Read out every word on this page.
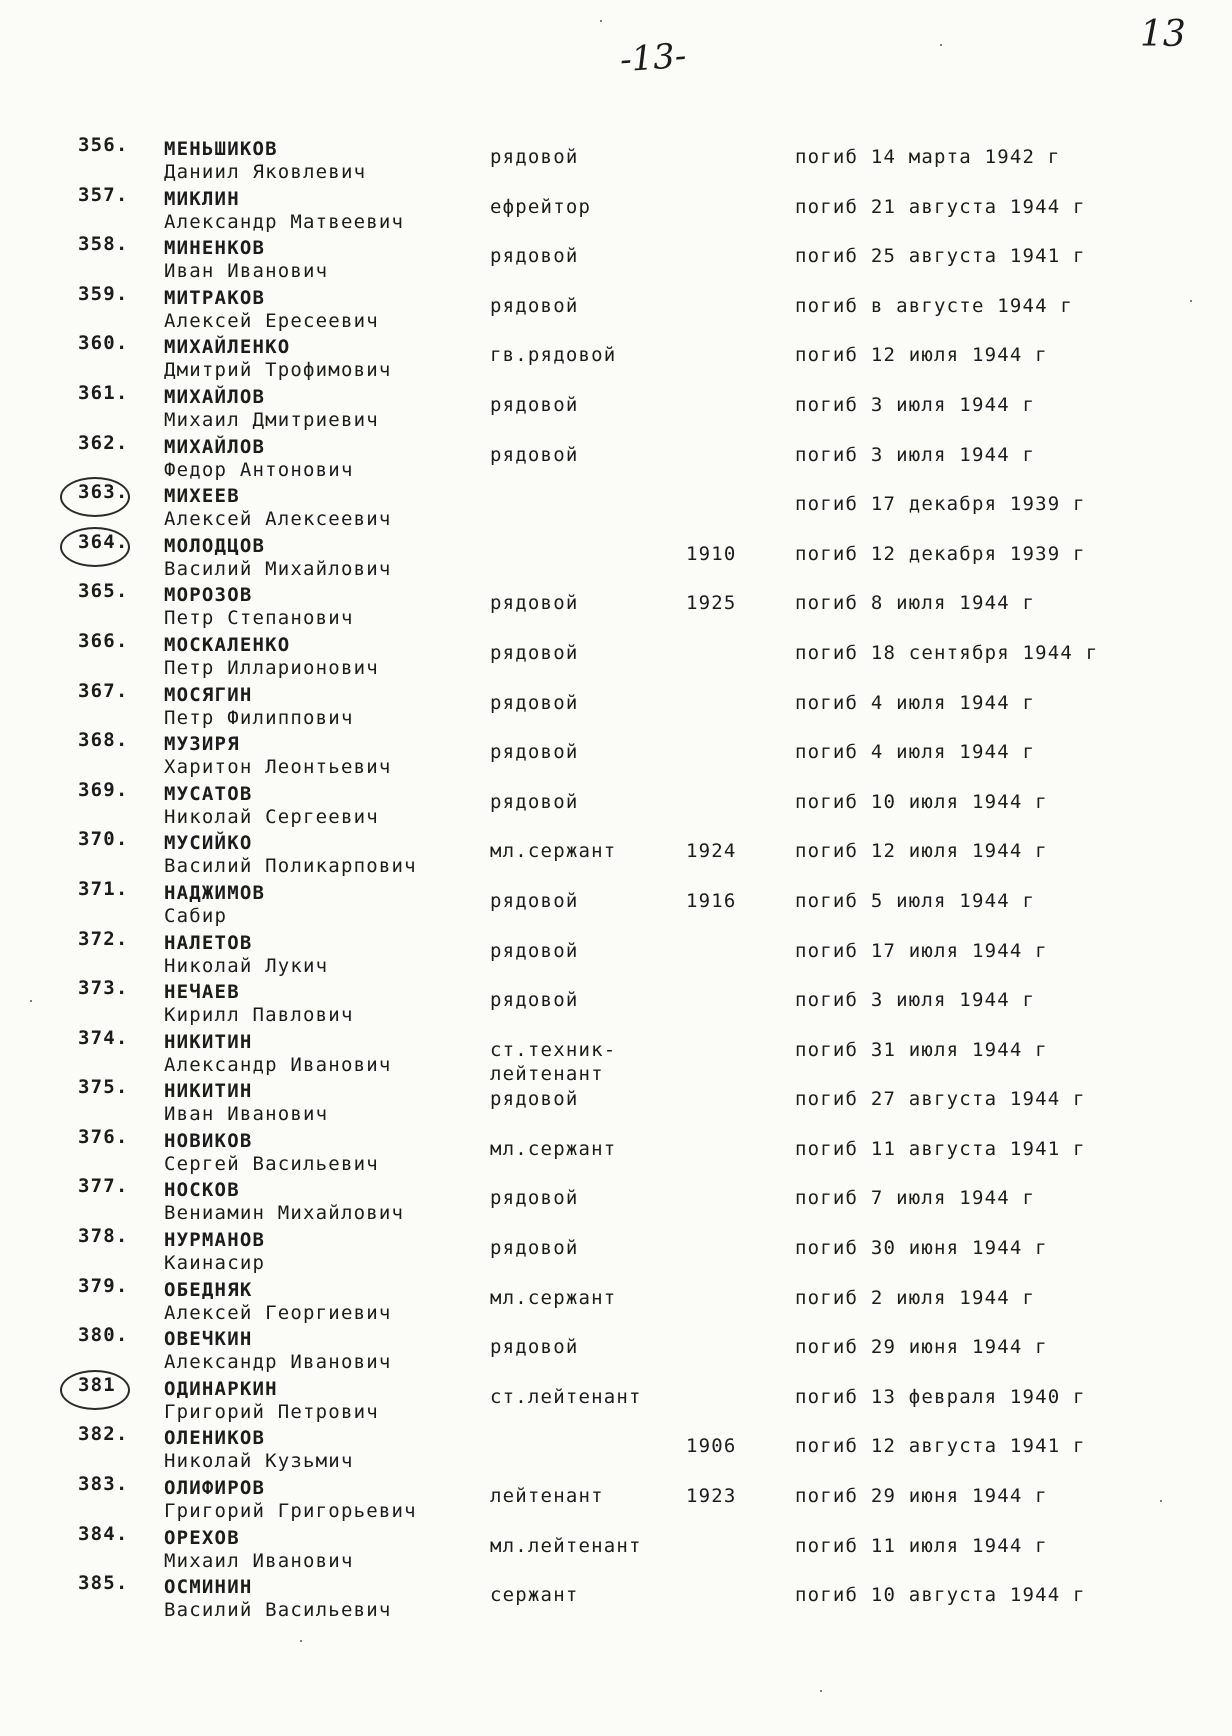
-13-
13
356. МЕНЬШИКОВ
Даниил Яковлевич
рядовой	погиб 14 марта 1942 г
357. МИКЛИН
Александр Матвеевич
ефрейтор	погиб 21 августа 1944 г
358. МИНЕНКОВ
Иван Иванович
рядовой	погиб 25 августа 1941 г
359. МИТРАКОВ
Алексей Ересеевич
рядовой	погиб в августе 1944 г
360. МИХАЙЛЕНКО
Дмитрий Трофимович
гв.рядовой	погиб 12 июля 1944 г
361. МИХАЙЛОВ
Михаил Дмитриевич
рядовой	погиб 3 июля 1944 г
362. МИХАЙЛОВ
Федор Антонович
рядовой	погиб 3 июля 1944 г
363. МИХЕЕВ
Алексей Алексеевич
погиб 17 декабря 1939 г
364. МОЛОДЦОВ
Василий Михайлович
1910	погиб 12 декабря 1939 г
365. МОРОЗОВ
Петр Степанович
рядовой	1925	погиб 8 июля 1944 г
366. МОСКАЛЕНКО
Петр Илларионович
рядовой	погиб 18 сентября 1944 г
367. МОСЯГИН
Петр Филиппович
рядовой	погиб 4 июля 1944 г
368. МУЗИРЯ
Харитон Леонтьевич
рядовой	погиб 4 июля 1944 г
369. МУСАТОВ
Николай Сергеевич
рядовой	погиб 10 июля 1944 г
370. МУСИЙКО
Василий Поликарпович
мл.сержант	1924	погиб 12 июля 1944 г
371. НАДЖИМОВ
Сабир
рядовой	1916	погиб 5 июля 1944 г
372. НАЛЕТОВ
Николай Лукич
рядовой	погиб 17 июля 1944 г
373. НЕЧАЕВ
Кирилл Павлович
рядовой	погиб 3 июля 1944 г
374. НИКИТИН
Александр Иванович
ст.техник-	погиб 31 июля 1944 г
лейтенант
375. НИКИТИН
Иван Иванович
рядовой	погиб 27 августа 1944 г
376. НОВИКОВ
Сергей Васильевич
мл.сержант	погиб 11 августа 1941 г
377. НОСКОВ
Вениамин Михайлович
рядовой	погиб 7 июля 1944 г
378. НУРМАНОВ
Каинасир
рядовой	погиб 30 июня 1944 г
379. ОБЕДНЯК
Алексей Георгиевич
мл.сержант	погиб 2 июля 1944 г
380. ОВЕЧКИН
Александр Иванович
рядовой	погиб 29 июня 1944 г
381	ОДИНАРКИН
Григорий Петрович
ст.лейтенант	погиб 13 февраля 1940 г
382. ОЛЕНИКОВ
Николай Кузьмич
1906	погиб 12 августа 1941 г
383. ОЛИФИРОВ
Григорий Григорьевич
лейтенант	1923	погиб 29 июня 1944 г
384. ОРЕХОВ
Михаил Иванович
мл.лейтенант	погиб 11 июля 1944 г
385. ОСМИНИН
Василий Васильевич
сержант	погиб 10 августа 1944 г
